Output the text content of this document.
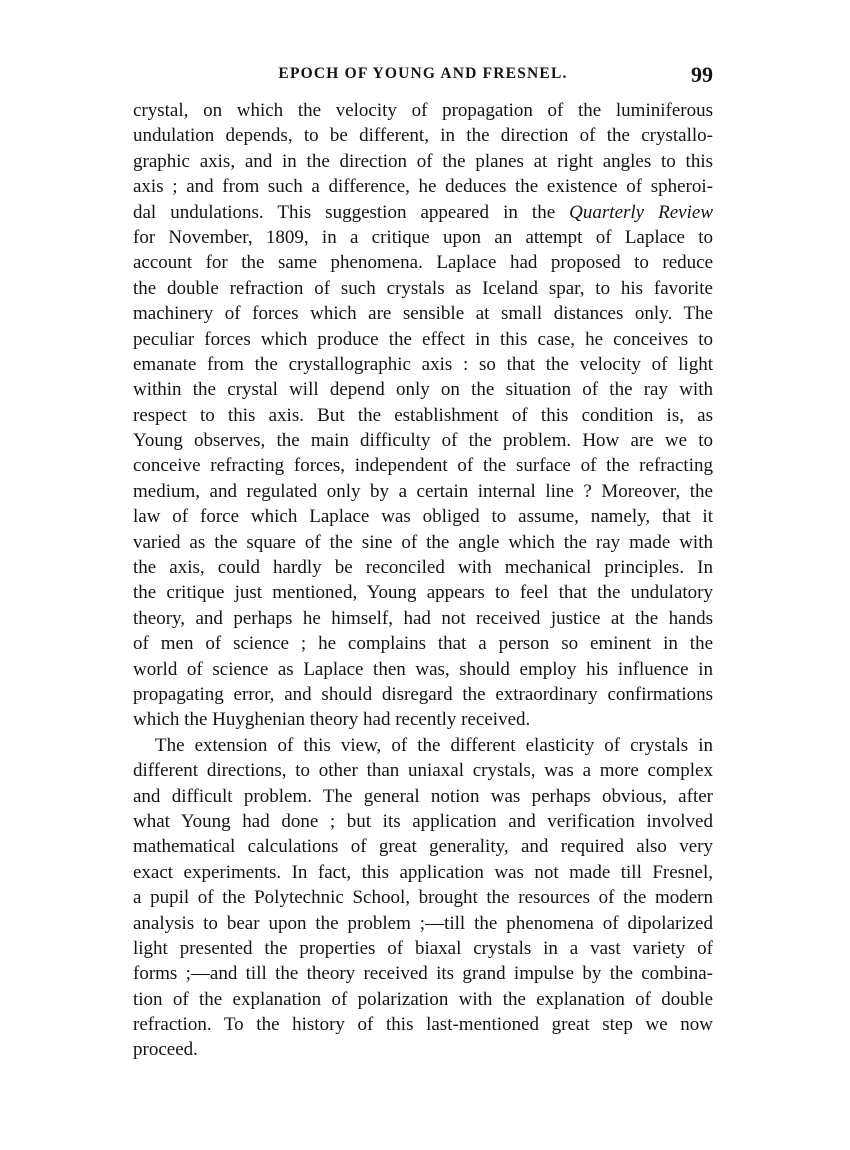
EPOCH OF YOUNG AND FRESNEL.	99
crystal, on which the velocity of propagation of the luminiferous
undulation depends, to be different, in the direction of the crystallo-
graphic axis, and in the direction of the planes at right angles to this
axis ; and from such a difference, he deduces the existence of spheroi-
dal undulations. This suggestion appeared in the Quarterly Review
for November, 1809, in a critique upon an attempt of Laplace to
account for the same phenomena. Laplace had proposed to reduce
the double refraction of such crystals as Iceland spar, to his favorite
machinery of forces which are sensible at small distances only. The
peculiar forces which produce the effect in this case, he conceives to
emanate from the crystallographic axis : so that the velocity of light
within the crystal will depend only on the situation of the ray with
respect to this axis. But the establishment of this condition is, as
Young observes, the main difficulty of the problem. How are we to
conceive refracting forces, independent of the surface of the refracting
medium, and regulated only by a certain internal line ? Moreover, the
law of force which Laplace was obliged to assume, namely, that it
varied as the square of the sine of the angle which the ray made with
the axis, could hardly be reconciled with mechanical principles. In
the critique just mentioned, Young appears to feel that the undulatory
theory, and perhaps he himself, had not received justice at the hands
of men of science ; he complains that a person so eminent in the
world of science as Laplace then was, should employ his influence in
propagating error, and should disregard the extraordinary confirmations
which the Huyghenian theory had recently received.
The extension of this view, of the different elasticity of crystals in
different directions, to other than uniaxal crystals, was a more complex
and difficult problem. The general notion was perhaps obvious, after
what Young had done ; but its application and verification involved
mathematical calculations of great generality, and required also very
exact experiments. In fact, this application was not made till Fresnel,
a pupil of the Polytechnic School, brought the resources of the modern
analysis to bear upon the problem ;—till the phenomena of dipolarized
light presented the properties of biaxal crystals in a vast variety of
forms ;—and till the theory received its grand impulse by the combina-
tion of the explanation of polarization with the explanation of double
refraction. To the history of this last-mentioned great step we now
proceed.
